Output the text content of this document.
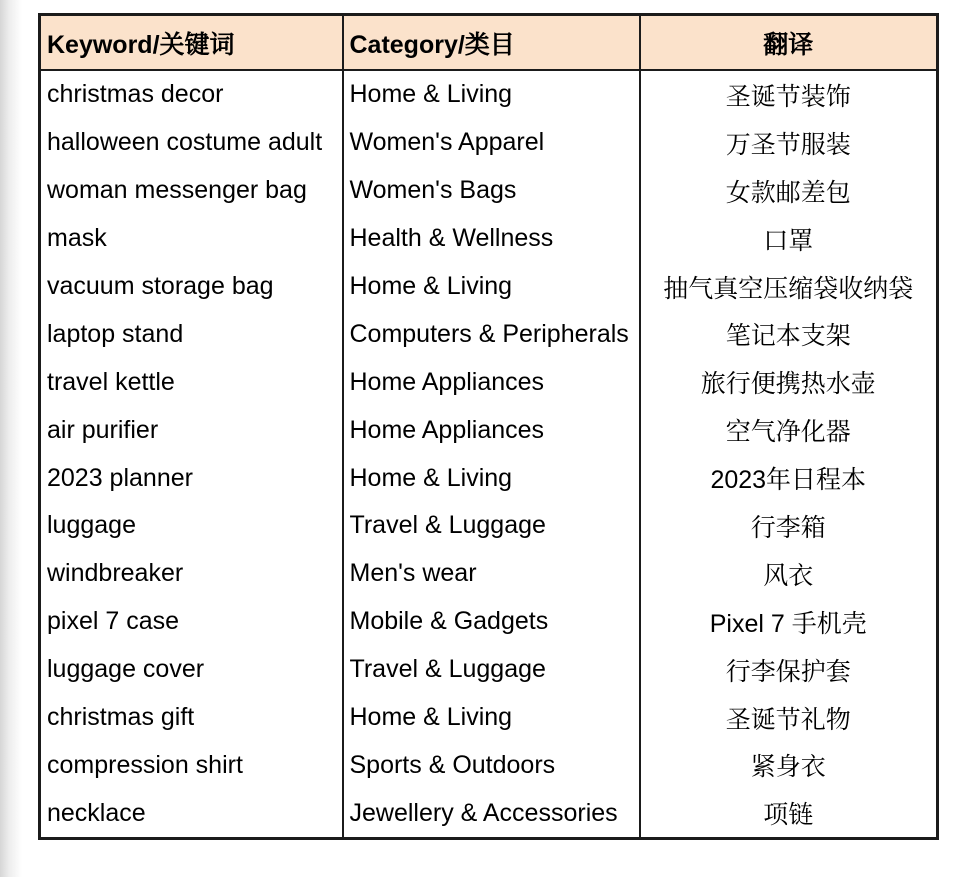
Keyword/关键词	Category/类目	翻译
christmas decor	Home & Living	圣诞节装饰
halloween costume adult	Women's Apparel	万圣节服装
woman messenger bag	Women's Bags	女款邮差包
mask	Health & Wellness	口罩
vacuum storage bag	Home & Living	抽气真空压缩袋收纳袋
laptop stand	Computers & Peripherals	笔记本支架
travel kettle	Home Appliances	旅行便携热水壶
air purifier	Home Appliances	空气净化器
2023 planner	Home & Living	2023年日程本
luggage	Travel & Luggage	行李箱
windbreaker	Men's wear	风衣
pixel 7 case	Mobile & Gadgets	Pixel 7 手机壳
luggage cover	Travel & Luggage	行李保护套
christmas gift	Home & Living	圣诞节礼物
compression shirt	Sports & Outdoors	紧身衣
necklace	Jewellery & Accessories	项链
